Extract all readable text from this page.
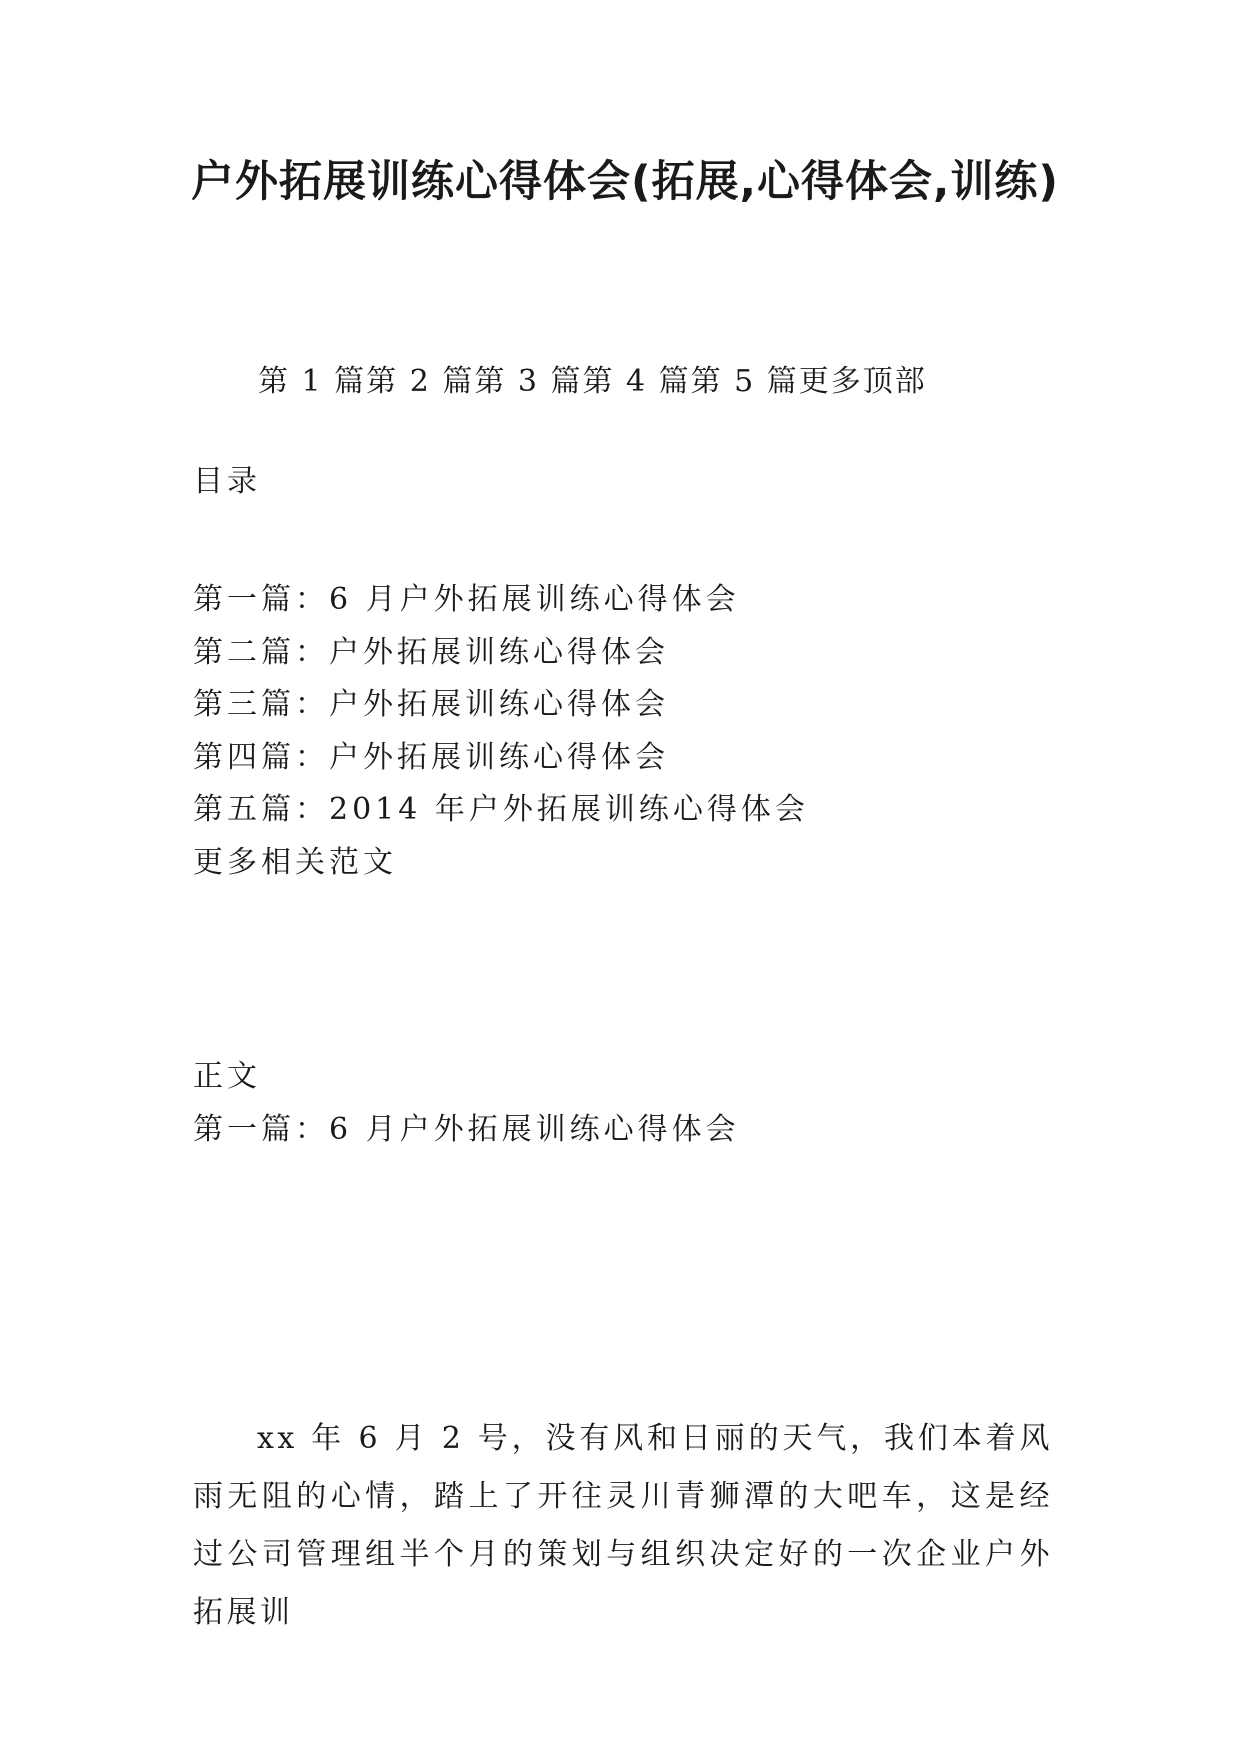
户外拓展训练心得体会(拓展,心得体会,训练)

第 1 篇第 2 篇第 3 篇第 4 篇第 5 篇更多顶部

目录

第一篇：6 月户外拓展训练心得体会

第二篇：户外拓展训练心得体会

第三篇：户外拓展训练心得体会

第四篇：户外拓展训练心得体会

第五篇：2014 年户外拓展训练心得体会

更多相关范文

正文

第一篇：6 月户外拓展训练心得体会

xx 年 6 月 2 号，没有风和日丽的天气，我们本着风雨无阻的心情，踏上了开往灵川青狮潭的大吧车，这是经过公司管理组半个月的策划与组织决定好的一次企业户外拓展训
